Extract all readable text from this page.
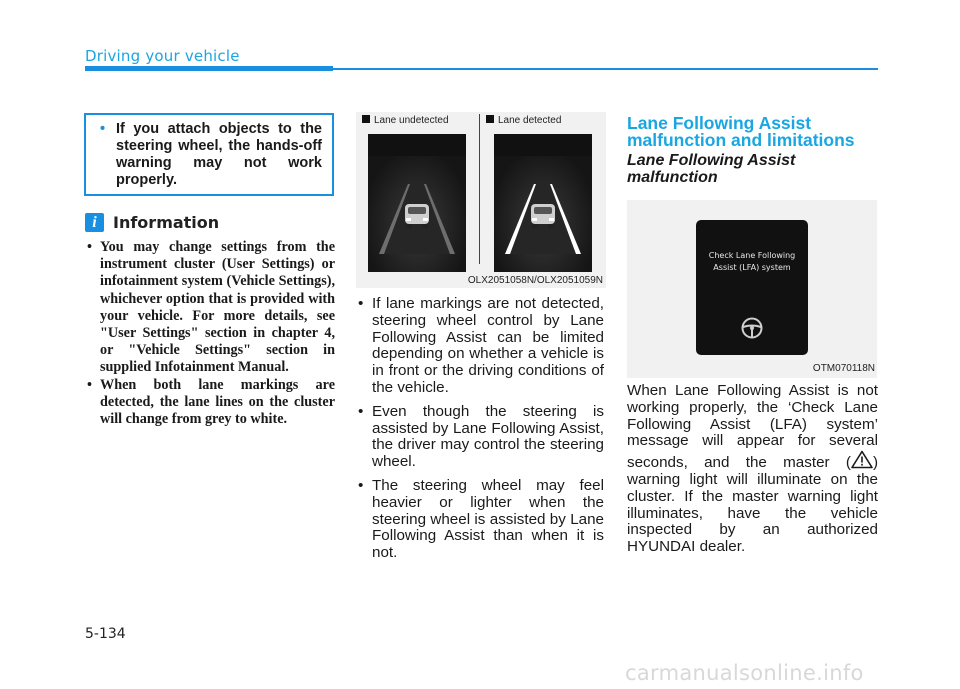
Driving your vehicle
• If you attach objects to the steering wheel, the hands-off warning may not work properly.
i	Information
• You may change settings from the instrument cluster (User Settings) or infotainment system (Vehicle Settings), whichever option that is provided with your vehicle. For more details, see "User Settings" section in chapter 4, or "Vehicle Settings" section in supplied Infotainment Manual.
• When both lane markings are detected, the lane lines on the cluster will change from grey to white.
Lane undetected	Lane detected
OLX2051058N/OLX2051059N
• If lane markings are not detected, steering wheel control by Lane Following Assist can be limited depending on whether a vehicle is in front or the driving conditions of the vehicle.
• Even though the steering is assisted by Lane Following Assist, the driver may control the steering wheel.
• The steering wheel may feel heavier or lighter when the steering wheel is assisted by Lane Following Assist than when it is not.
Lane Following Assist malfunction and limitations
Lane Following Assist malfunction
Check Lane Following
Assist (LFA) system
OTM070118N
When Lane Following Assist is not working properly, the ‘Check Lane Following Assist (LFA) system’ message will appear for several seconds, and the master ( ) warning light will illuminate on the cluster. If the master warning light illuminates, have the vehicle inspected by an authorized HYUNDAI dealer.
5-134
carmanualsonline.info
